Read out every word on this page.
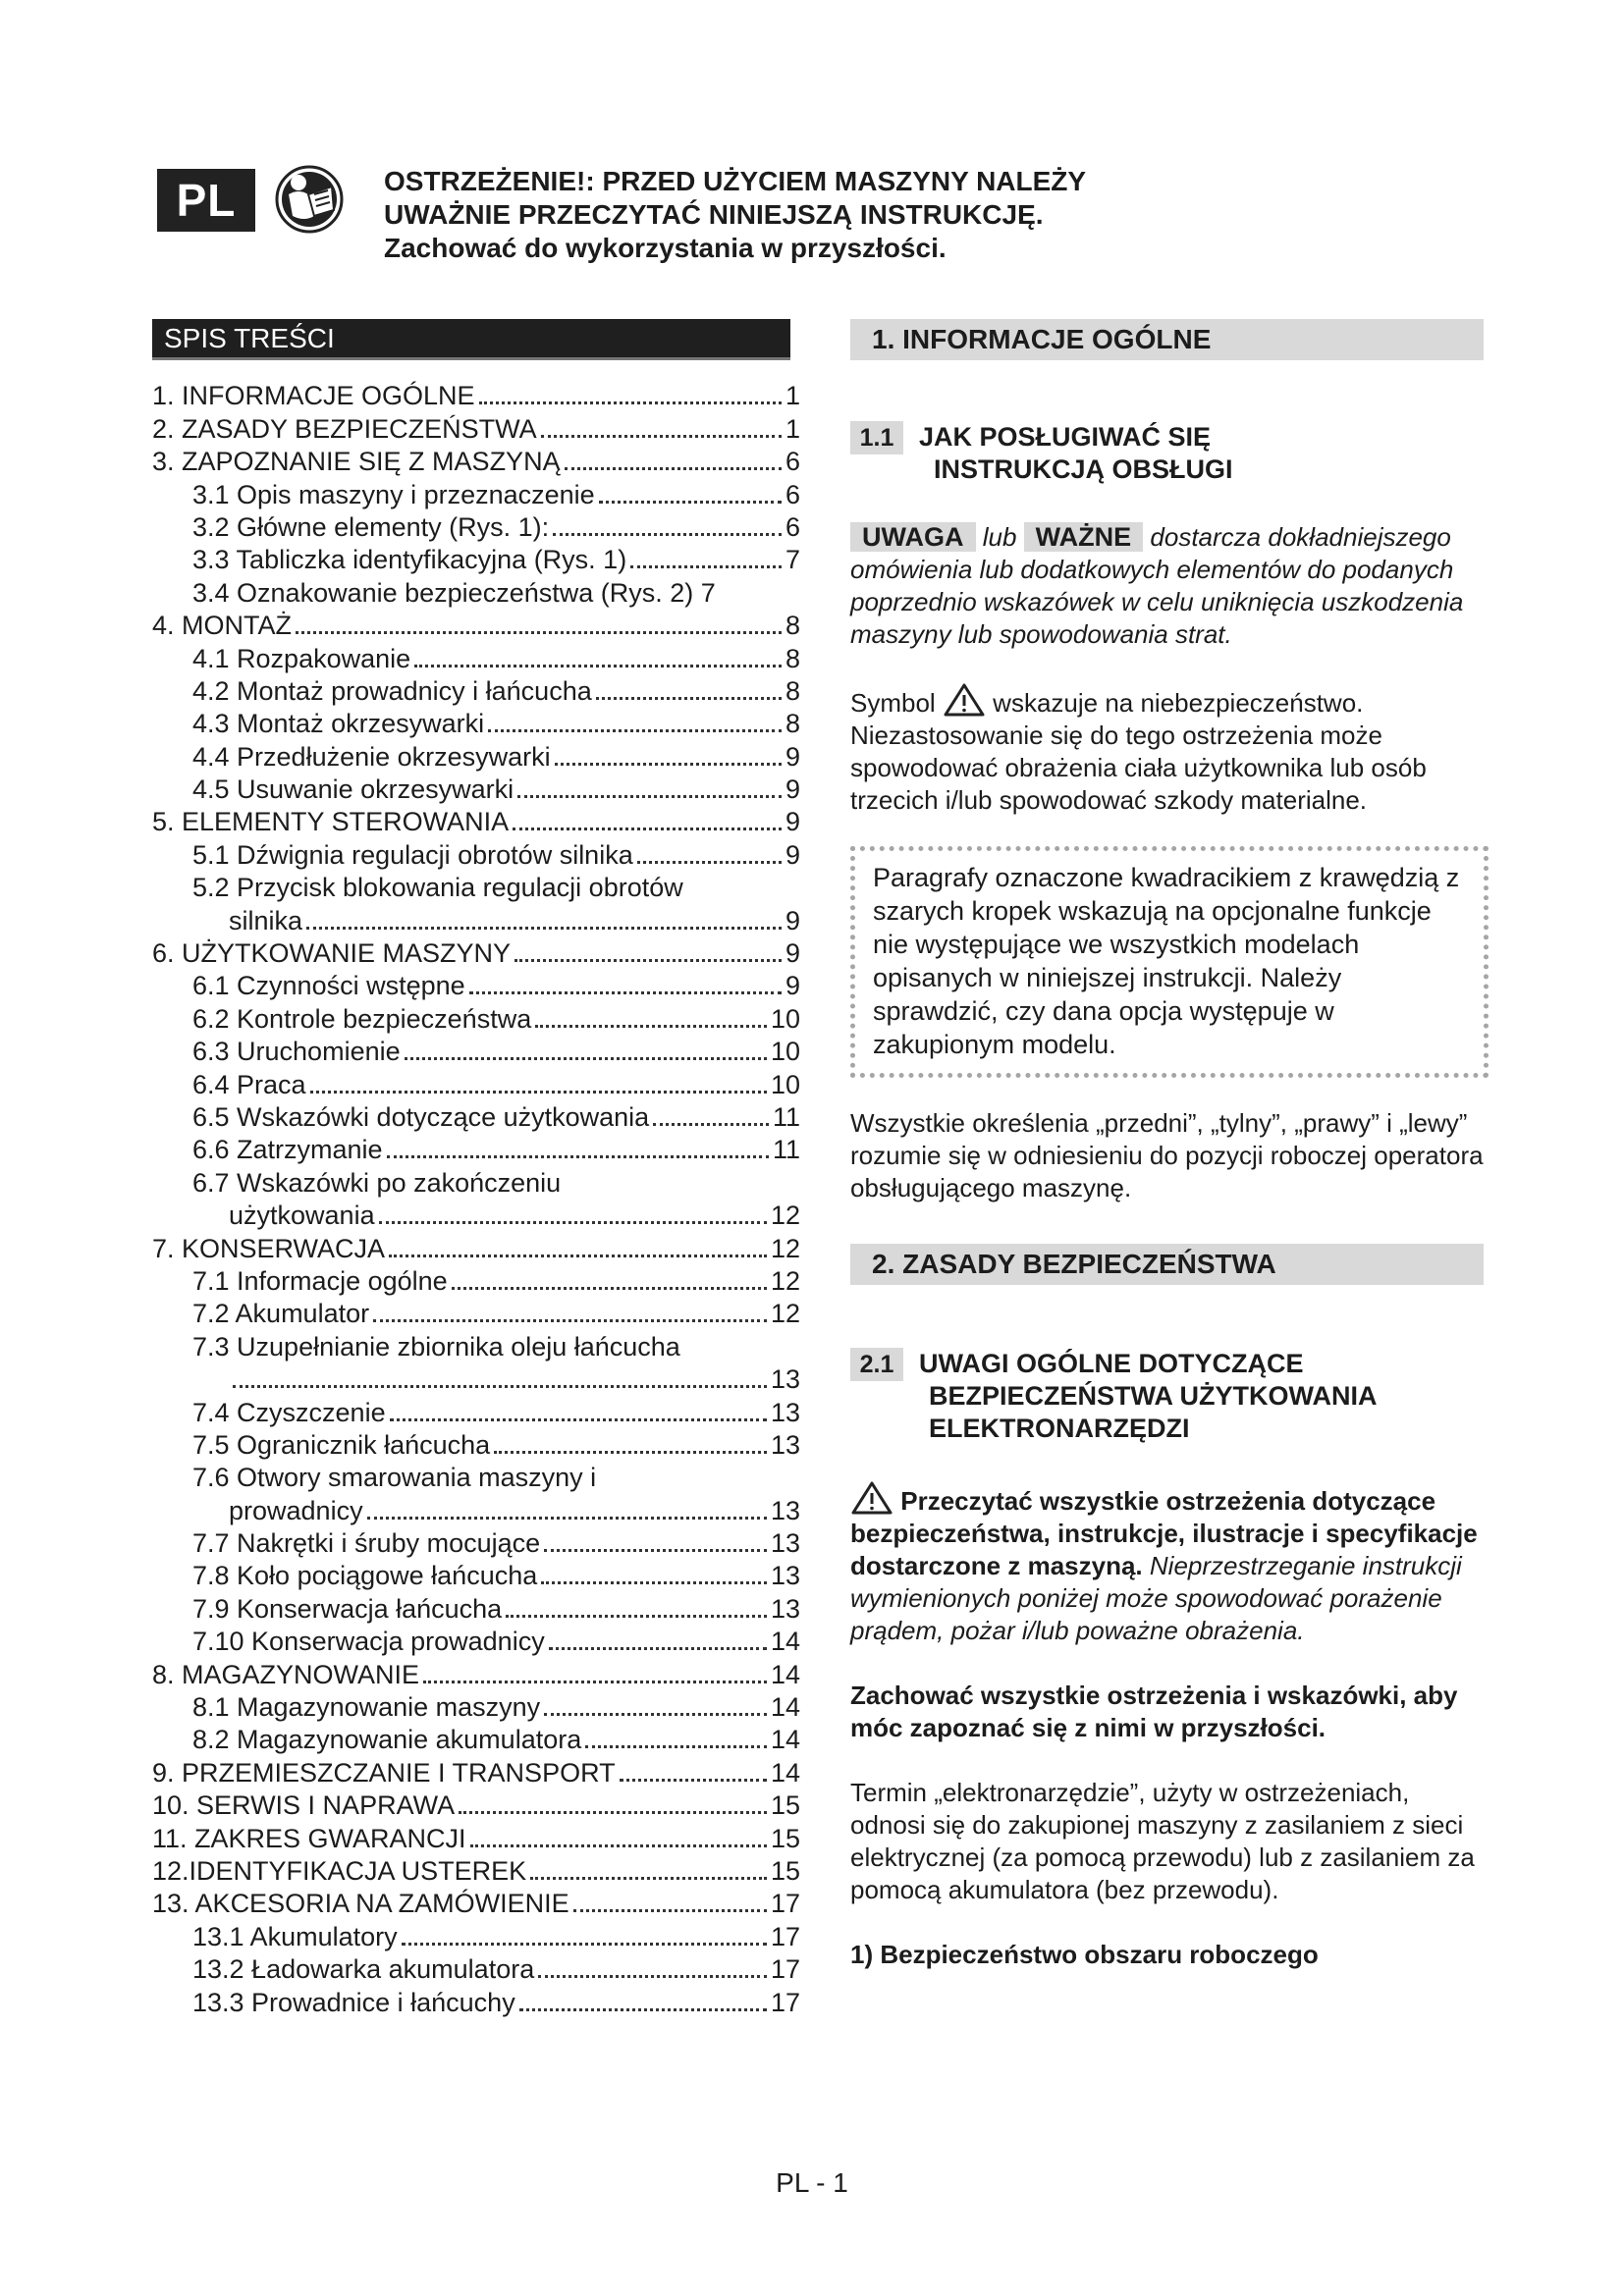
PL	OSTRZEŻENIE!: PRZED UŻYCIEM MASZYNY NALEŻY
UWAŻNIE PRZECZYTAĆ NINIEJSZĄ INSTRUKCJĘ.
Zachować do wykorzystania w przyszłości.
SPIS TREŚCI
1. INFORMACJE OGÓLNE	1
2. ZASADY BEZPIECZEŃSTWA	1
3. ZAPOZNANIE SIĘ Z MASZYNĄ	6
3.1 Opis maszyny i przeznaczenie	6
3.2 Główne elementy (Rys. 1):	6
3.3 Tabliczka identyfikacyjna (Rys. 1)	7
3.4 Oznakowanie bezpieczeństwa (Rys. 2) 7
4. MONTAŻ	8
4.1 Rozpakowanie	8
4.2 Montaż prowadnicy i łańcucha	8
4.3 Montaż okrzesywarki	8
4.4 Przedłużenie okrzesywarki	9
4.5 Usuwanie okrzesywarki	9
5. ELEMENTY STEROWANIA	9
5.1 Dźwignia regulacji obrotów silnika	9
5.2 Przycisk blokowania regulacji obrotów
silnika	9
6. UŻYTKOWANIE MASZYNY	9
6.1 Czynności wstępne	9
6.2 Kontrole bezpieczeństwa	10
6.3 Uruchomienie	10
6.4 Praca	10
6.5 Wskazówki dotyczące użytkowania	11
6.6 Zatrzymanie	11
6.7 Wskazówki po zakończeniu
użytkowania	12
7. KONSERWACJA	12
7.1 Informacje ogólne	12
7.2 Akumulator	12
7.3 Uzupełnianie zbiornika oleju łańcucha
13
7.4 Czyszczenie	13
7.5 Ogranicznik łańcucha	13
7.6 Otwory smarowania maszyny i
prowadnicy	13
7.7 Nakrętki i śruby mocujące	13
7.8 Koło pociągowe łańcucha	13
7.9 Konserwacja łańcucha	13
7.10 Konserwacja prowadnicy	14
8. MAGAZYNOWANIE	14
8.1 Magazynowanie maszyny	14
8.2 Magazynowanie akumulatora	14
9. PRZEMIESZCZANIE I TRANSPORT	14
10. SERWIS I NAPRAWA	15
11. ZAKRES GWARANCJI	15
12.IDENTYFIKACJA USTEREK	15
13. AKCESORIA NA ZAMÓWIENIE	17
13.1 Akumulatory	17
13.2 Ładowarka akumulatora	17
13.3 Prowadnice i łańcuchy	17
1. INFORMACJE OGÓLNE
1.1 JAK POSŁUGIWAĆ SIĘ
INSTRUKCJĄ OBSŁUGI
UWAGA lub WAŻNE dostarcza dokładniejszego omówienia lub dodatkowych elementów do podanych poprzednio wskazówek w celu uniknięcia uszkodzenia maszyny lub spowodowania strat.
Symbol wskazuje na niebezpieczeństwo. Niezastosowanie się do tego ostrzeżenia może spowodować obrażenia ciała użytkownika lub osób trzecich i/lub spowodować szkody materialne.
Paragrafy oznaczone kwadracikiem z krawędzią z szarych kropek wskazują na opcjonalne funkcje nie występujące we wszystkich modelach opisanych w niniejszej instrukcji. Należy sprawdzić, czy dana opcja występuje w zakupionym modelu.
Wszystkie określenia „przedni”, „tylny”, „prawy” i „lewy” rozumie się w odniesieniu do pozycji roboczej operatora obsługującego maszynę.
2. ZASADY BEZPIECZEŃSTWA
2.1 UWAGI OGÓLNE DOTYCZĄCE
BEZPIECZEŃSTWA UŻYTKOWANIA
ELEKTRONARZĘDZI
Przeczytać wszystkie ostrzeżenia dotyczące bezpieczeństwa, instrukcje, ilustracje i specyfikacje dostarczone z maszyną. Nieprzestrzeganie instrukcji wymienionych poniżej może spowodować porażenie prądem, pożar i/lub poważne obrażenia.
Zachować wszystkie ostrzeżenia i wskazówki, aby móc zapoznać się z nimi w przyszłości.
Termin „elektronarzędzie”, użyty w ostrzeżeniach, odnosi się do zakupionej maszyny z zasilaniem z sieci elektrycznej (za pomocą przewodu) lub z zasilaniem za pomocą akumulatora (bez przewodu).
1) Bezpieczeństwo obszaru roboczego
PL - 1
